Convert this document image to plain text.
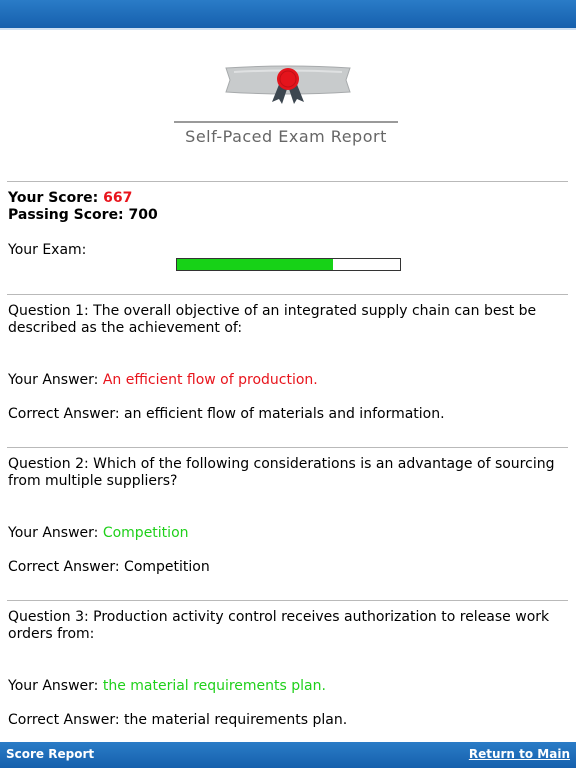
Self-Paced Exam Report
Your Score: 667
Passing Score: 700
Your Exam:
Question 1: The overall objective of an integrated supply chain can best be described as the achievement of:
Your Answer: An efficient flow of production.
Correct Answer: an efficient flow of materials and information.
Question 2: Which of the following considerations is an advantage of sourcing from multiple suppliers?
Your Answer: Competition
Correct Answer: Competition
Question 3: Production activity control receives authorization to release work orders from:
Your Answer: the material requirements plan.
Correct Answer: the material requirements plan.
Score Report	Return to Main
